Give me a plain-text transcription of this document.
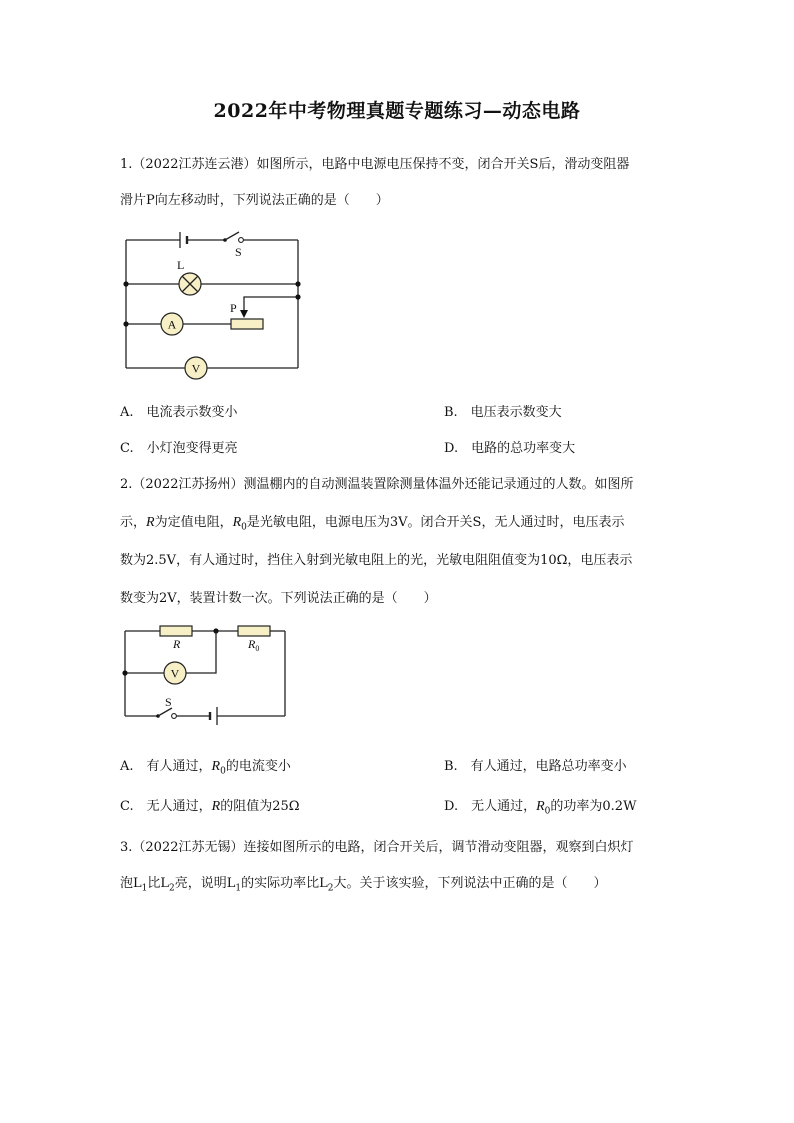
2022年中考物理真题专题练习—动态电路
1.（2022江苏连云港）如图所示，电路中电源电压保持不变，闭合开关S后，滑动变阻器
滑片P向左移动时，下列说法正确的是（　　）
S
L
P
A
V
A.　电流表示数变小	B.　电压表示数变大
C.　小灯泡变得更亮	D.　电路的总功率变大
2.（2022江苏扬州）测温棚内的自动测温装置除测量体温外还能记录通过的人数。如图所
示，R为定值电阻，$R_0$是光敏电阻，电源电压为3V。闭合开关S，无人通过时，电压表示
数为2.5V，有人通过时，挡住入射到光敏电阻上的光，光敏电阻阻值变为10Ω，电压表示
数变为2V，装置计数一次。下列说法正确的是（　　）
R	$R_0$
V
S
A.　有人通过，$R_0$的电流变小	B.　有人通过，电路总功率变小
C.　无人通过，R的阻值为25Ω	D.　无人通过，$R_0$的功率为0.2W
3.（2022江苏无锡）连接如图所示的电路，闭合开关后，调节滑动变阻器，观察到白炽灯
泡$L_1$比$L_2$亮，说明$L_1$的实际功率比$L_2$大。关于该实验，下列说法中正确的是（　　）
